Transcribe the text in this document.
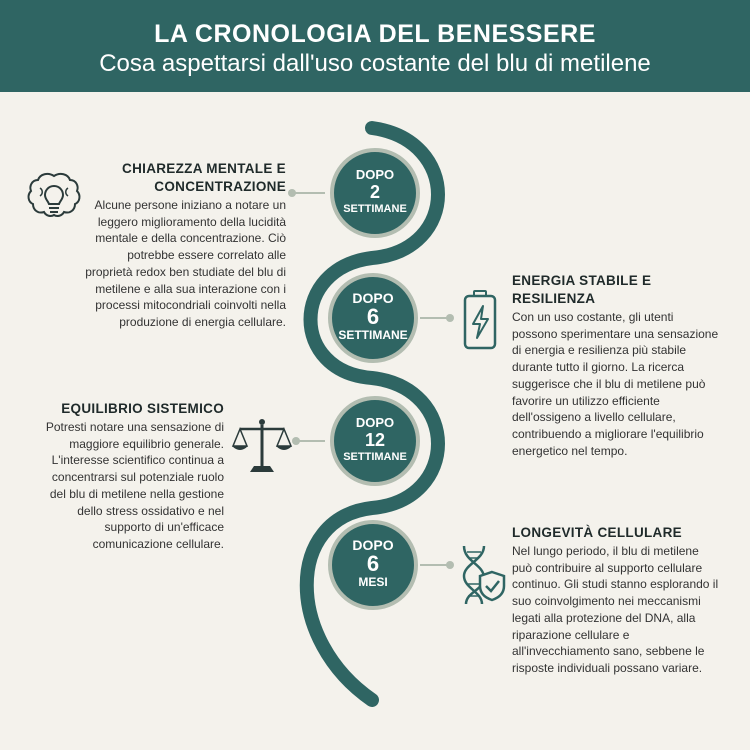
LA CRONOLOGIA DEL BENESSERE
Cosa aspettarsi dall'uso costante del blu di metilene
DOPO
2
SETTIMANE
DOPO
6
SETTIMANE
DOPO
12
SETTIMANE
DOPO
6
MESI
CHIAREZZA MENTALE E
CONCENTRAZIONE
Alcune persone iniziano a notare un leggero miglioramento della lucidità mentale e della concentrazione. Ciò potrebbe essere correlato alle proprietà redox ben studiate del blu di metilene e alla sua interazione con i processi mitocondriali coinvolti nella produzione di energia cellulare.
ENERGIA STABILE E
RESILIENZA
Con un uso costante, gli utenti possono sperimentare una sensazione di energia e resilienza più stabile durante tutto il giorno. La ricerca suggerisce che il blu di metilene può favorire un utilizzo efficiente dell'ossigeno a livello cellulare, contribuendo a migliorare l'equilibrio energetico nel tempo.
EQUILIBRIO SISTEMICO
Potresti notare una sensazione di maggiore equilibrio generale. L'interesse scientifico continua a concentrarsi sul potenziale ruolo del blu di metilene nella gestione dello stress ossidativo e nel supporto di un'efficace comunicazione cellulare.
LONGEVITÀ CELLULARE
Nel lungo periodo, il blu di metilene può contribuire al supporto cellulare continuo. Gli studi stanno esplorando il suo coinvolgimento nei meccanismi legati alla protezione del DNA, alla riparazione cellulare e all'invecchiamento sano, sebbene le risposte individuali possano variare.
